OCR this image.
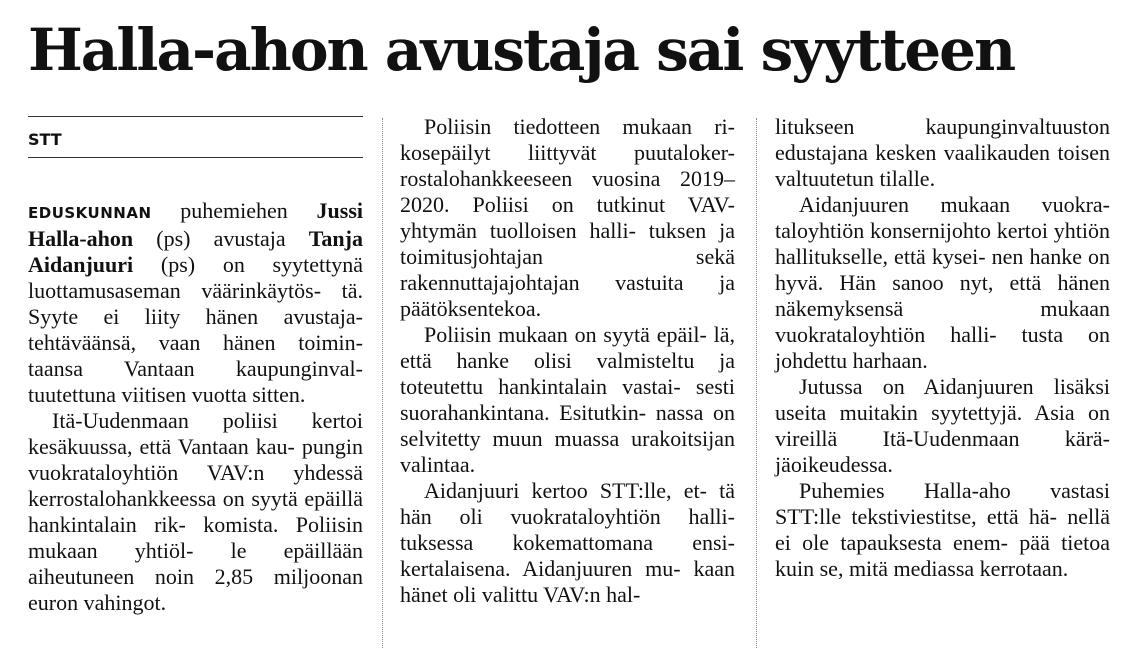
Halla-ahon avustaja sai syytteen
STT

EDUSKUNNAN puhemiehen Jussi Halla-ahon (ps) avustaja Tanja Aidanjuuri (ps) on syytettynä luottamusaseman väärinkäytös- tä. Syyte ei liity hänen avustaja- tehtäväänsä, vaan hänen toimin- taansa Vantaan kaupunginval- tuutettuna viitisen vuotta sitten.

Itä-Uudenmaan poliisi kertoi kesäkuussa, että Vantaan kau- pungin vuokrataloyhtiön VAV:n yhdessä kerrostalohankkeessa on syytä epäillä hankintalain rik- komista. Poliisin mukaan yhtiöl- le epäillään aiheutuneen noin 2,85 miljoonan euron vahingot.

Poliisin tiedotteen mukaan ri- kosepäilyt liittyvät puutaloker- rostalohankkeeseen vuosina 2019– 2020. Poliisi on tutkinut VAV-yhtymän tuolloisen halli- tuksen ja toimitusjohtajan sekä rakennuttajajohtajan vastuita ja päätöksentekoa.

Poliisin mukaan on syytä epäil- lä, että hanke olisi valmisteltu ja toteutettu hankintalain vastai- sesti suorahankintana. Esitutkin- nassa on selvitetty muun muassa urakoitsijan valintaa.

Aidanjuuri kertoo STT:lle, et- tä hän oli vuokrataloyhtiön halli- tuksessa kokemattomana ensi- kertalaisena. Aidanjuuren mu- kaan hänet oli valittu VAV:n hal-

litukseen kaupunginvaltuuston edustajana kesken vaalikauden toisen valtuutetun tilalle.

Aidanjuuren mukaan vuokra- taloyhtiön konsernijohto kertoi yhtiön hallitukselle, että kysei- nen hanke on hyvä. Hän sanoo nyt, että hänen näkemyksensä mukaan vuokrataloyhtiön halli- tusta on johdettu harhaan.

Jutussa on Aidanjuuren lisäksi useita muitakin syytettyjä. Asia on vireillä Itä-Uudenmaan kärä- jäoikeudessa.

Puhemies Halla-aho vastasi STT:lle tekstiviestitse, että hä- nellä ei ole tapauksesta enem- pää tietoa kuin se, mitä mediassa kerrotaan.
